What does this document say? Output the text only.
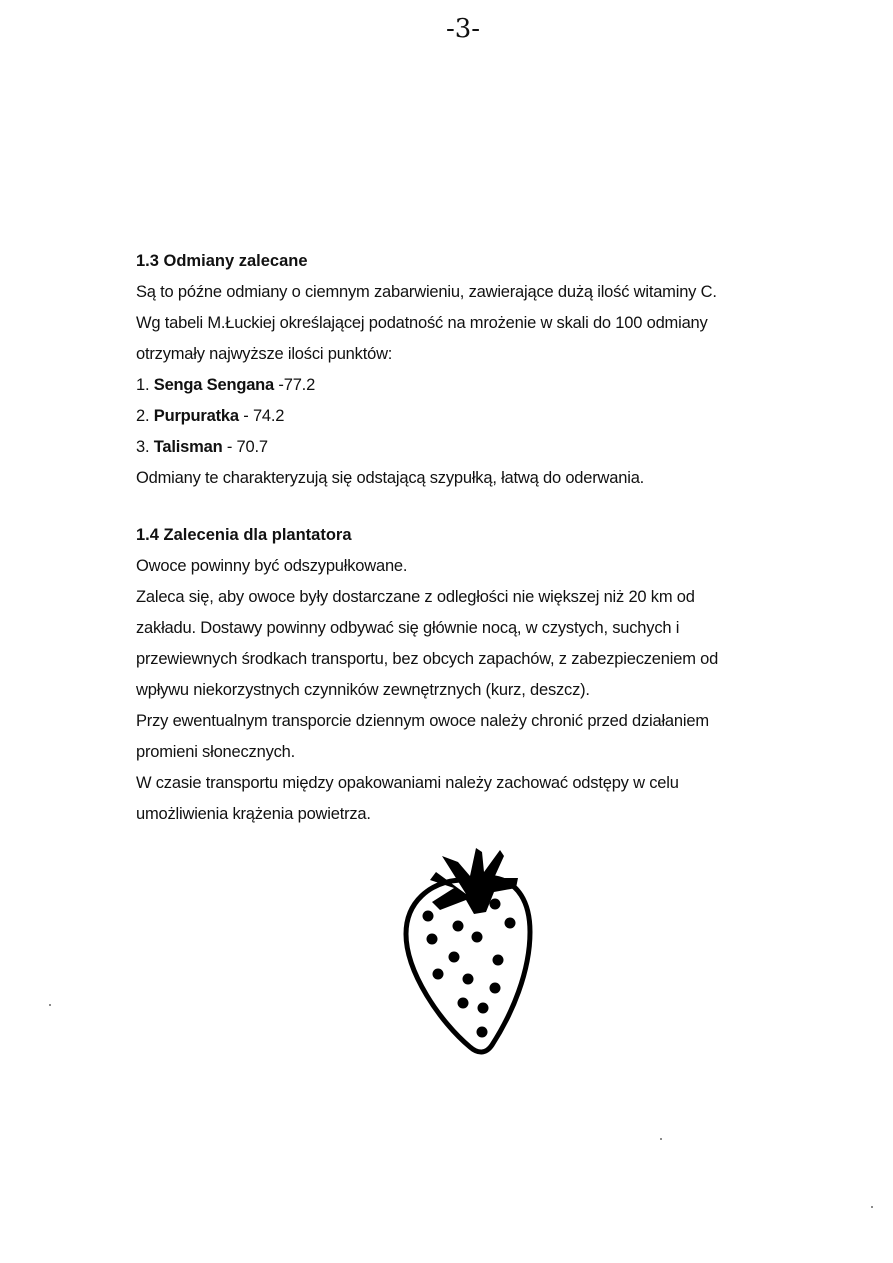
-3-
1.3 Odmiany zalecane
Są to późne odmiany o ciemnym zabarwieniu, zawierające dużą ilość witaminy C.
Wg tabeli M.Łuckiej określającej podatność na mrożenie w skali do 100 odmiany
otrzymały najwyższe ilości punktów:
1. Senga Sengana -77.2
2. Purpuratka - 74.2
3. Talisman - 70.7
Odmiany te charakteryzują się odstającą szypułką, łatwą do oderwania.
1.4 Zalecenia dla plantatora
Owoce powinny być odszypułkowane.
Zaleca się, aby owoce były dostarczane z odległości nie większej niż 20 km od
zakładu. Dostawy powinny odbywać się głównie nocą, w czystych, suchych i
przewiewnych środkach transportu, bez obcych zapachów, z zabezpieczeniem od
wpływu niekorzystnych czynników zewnętrznych (kurz, deszcz).
Przy ewentualnym transporcie dziennym owoce należy chronić przed działaniem
promieni słonecznych.
W czasie transportu między opakowaniami należy zachować odstępy w celu
umożliwienia krążenia powietrza.
